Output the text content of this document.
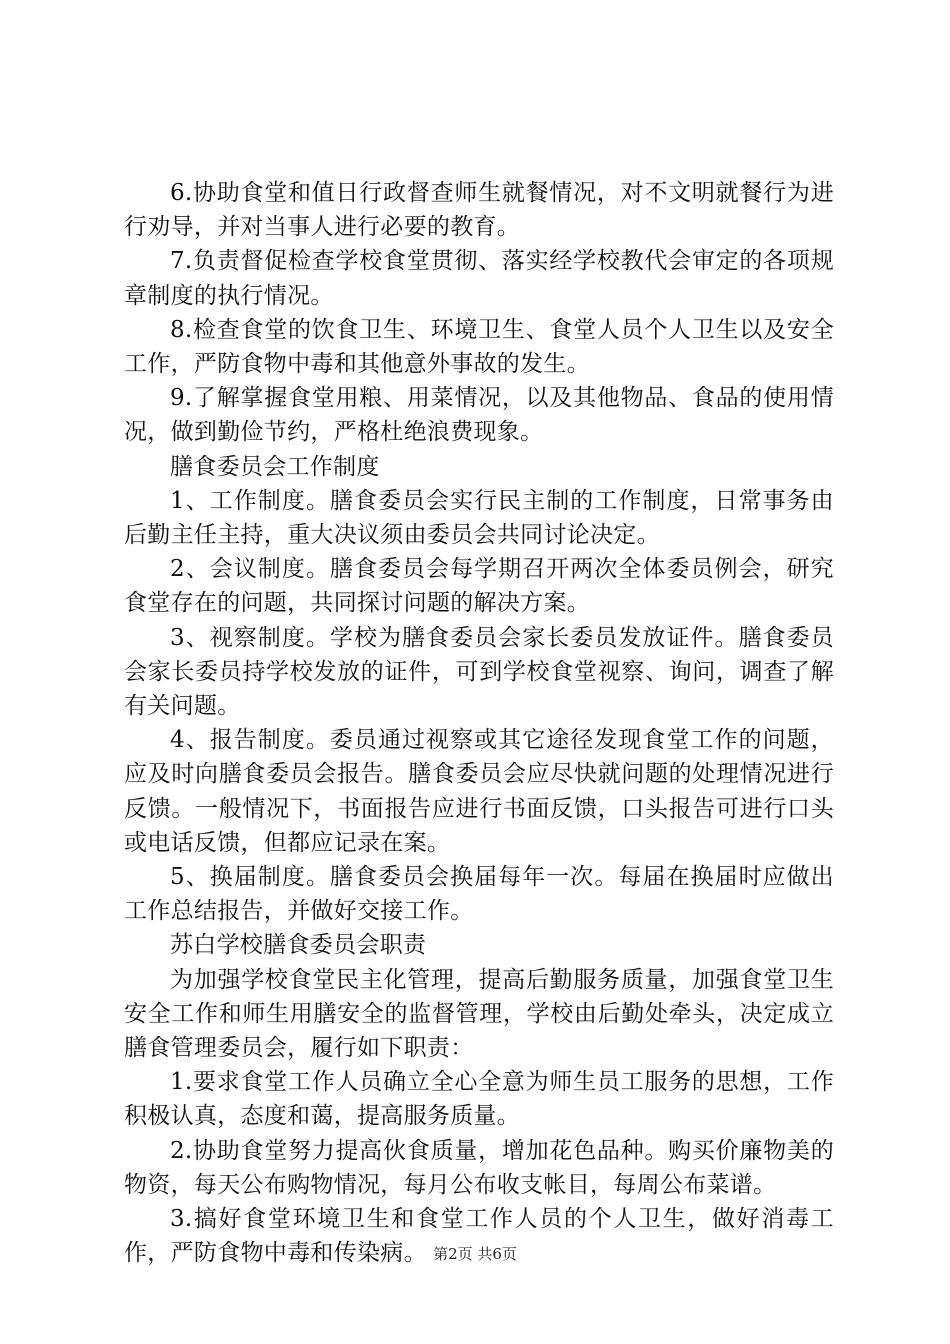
6.协助食堂和值日行政督查师生就餐情况，对不文明就餐行为进行劝导，并对当事人进行必要的教育。

7.负责督促检查学校食堂贯彻、落实经学校教代会审定的各项规章制度的执行情况。

8.检查食堂的饮食卫生、环境卫生、食堂人员个人卫生以及安全工作，严防食物中毒和其他意外事故的发生。

9.了解掌握食堂用粮、用菜情况，以及其他物品、食品的使用情况，做到勤俭节约，严格杜绝浪费现象。

膳食委员会工作制度

1、工作制度。膳食委员会实行民主制的工作制度，日常事务由后勤主任主持，重大决议须由委员会共同讨论决定。

2、会议制度。膳食委员会每学期召开两次全体委员例会，研究食堂存在的问题，共同探讨问题的解决方案。

3、视察制度。学校为膳食委员会家长委员发放证件。膳食委员会家长委员持学校发放的证件，可到学校食堂视察、询问，调查了解有关问题。

4、报告制度。委员通过视察或其它途径发现食堂工作的问题，应及时向膳食委员会报告。膳食委员会应尽快就问题的处理情况进行反馈。一般情况下，书面报告应进行书面反馈，口头报告可进行口头或电话反馈，但都应记录在案。

5、换届制度。膳食委员会换届每年一次。每届在换届时应做出工作总结报告，并做好交接工作。

苏白学校膳食委员会职责

为加强学校食堂民主化管理，提高后勤服务质量，加强食堂卫生安全工作和师生用膳安全的监督管理，学校由后勤处牵头，决定成立膳食管理委员会，履行如下职责：

1.要求食堂工作人员确立全心全意为师生员工服务的思想，工作积极认真，态度和蔼，提高服务质量。

2.协助食堂努力提高伙食质量，增加花色品种。购买价廉物美的物资，每天公布购物情况，每月公布收支帐目，每周公布菜谱。

3.搞好食堂环境卫生和食堂工作人员的个人卫生，做好消毒工作，严防食物中毒和传染病。 第2页 共6页
